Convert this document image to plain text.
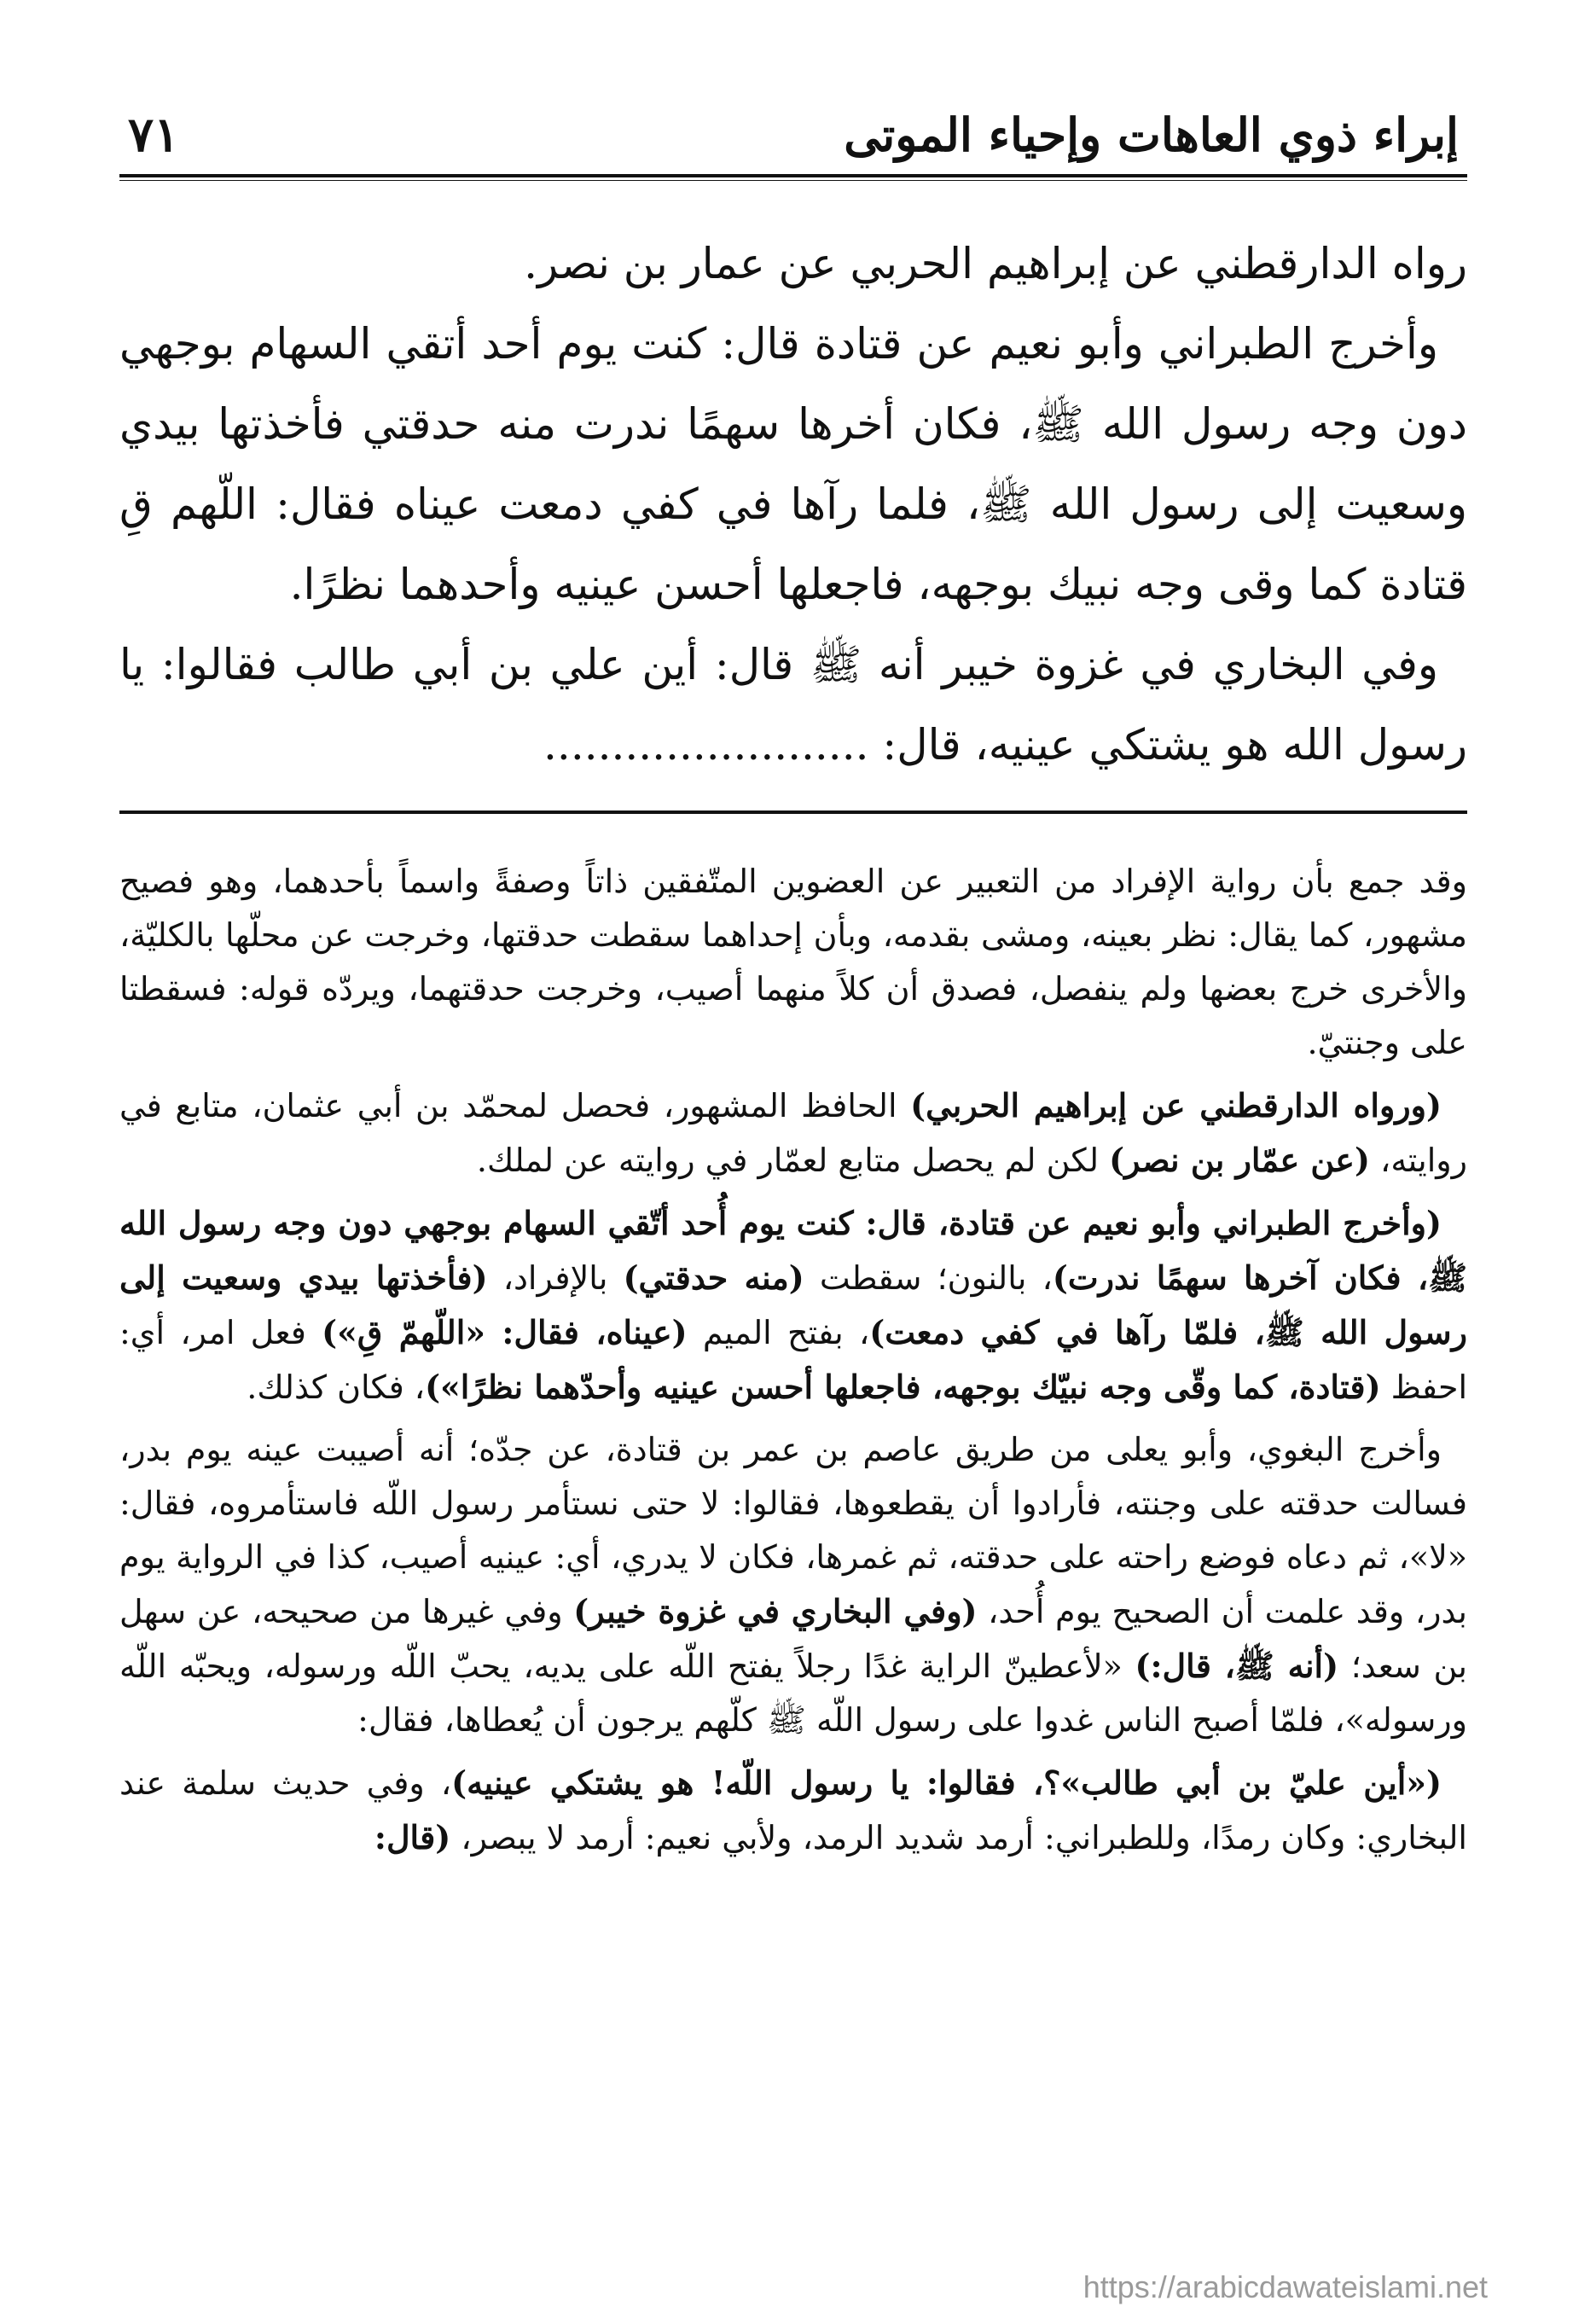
إبراء ذوي العاهات وإحياء الموتى
٧١

رواه الدارقطني عن إبراهيم الحربي عن عمار بن نصر.

وأخرج الطبراني وأبو نعيم عن قتادة قال: كنت يوم أحد أتقي السهام بوجهي دون وجه رسول الله ﷺ، فكان أخرها سهمًا ندرت منه حدقتي فأخذتها بيدي وسعيت إلى رسول الله ﷺ، فلما رآها في كفي دمعت عيناه فقال: اللّهم قِ قتادة كما وقى وجه نبيك بوجهه، فاجعلها أحسن عينيه وأحدهما نظرًا.

وفي البخاري في غزوة خيبر أنه ﷺ قال: أين علي بن أبي طالب فقالوا: يا رسول الله هو يشتكي عينيه، قال: ........................

وقد جمع بأن رواية الإفراد من التعبير عن العضوين المتّفقين ذاتاً وصفةً واسماً بأحدهما، وهو فصيح مشهور، كما يقال: نظر بعينه، ومشى بقدمه، وبأن إحداهما سقطت حدقتها، وخرجت عن محلّها بالكليّة، والأخرى خرج بعضها ولم ينفصل، فصدق أن كلاً منهما أصيب، وخرجت حدقتهما، ويردّه قوله: فسقطتا على وجنتيّ.

(ورواه الدارقطني عن إبراهيم الحربي) الحافظ المشهور، فحصل لمحمّد بن أبي عثمان، متابع في روايته، (عن عمّار بن نصر) لكن لم يحصل متابع لعمّار في روايته عن لملك.

(وأخرج الطبراني وأبو نعيم عن قتادة، قال: كنت يوم أُحد أتّقي السهام بوجهي دون وجه رسول الله ﷺ، فكان آخرها سهمًا ندرت)، بالنون؛ سقطت (منه حدقتي) بالإفراد، (فأخذتها بيدي وسعيت إلى رسول الله ﷺ، فلمّا رآها في كفي دمعت)، بفتح الميم (عيناه، فقال: «اللّهمّ قِ») فعل امر، أي: احفظ (قتادة، كما وقّى وجه نبيّك بوجهه، فاجعلها أحسن عينيه وأحدّهما نظرًا»)، فكان كذلك.

وأخرج البغوي، وأبو يعلى من طريق عاصم بن عمر بن قتادة، عن جدّه؛ أنه أصيبت عينه يوم بدر، فسالت حدقته على وجنته، فأرادوا أن يقطعوها، فقالوا: لا حتى نستأمر رسول اللّه فاستأمروه، فقال: «لا»، ثم دعاه فوضع راحته على حدقته، ثم غمرها، فكان لا يدري، أي: عينيه أصيب، كذا في الرواية يوم بدر، وقد علمت أن الصحيح يوم أُحد، (وفي البخاري في غزوة خيبر) وفي غيرها من صحيحه، عن سهل بن سعد؛ (أنه ﷺ، قال:) «لأعطينّ الراية غدًا رجلاً يفتح اللّه على يديه، يحبّ اللّه ورسوله، ويحبّه اللّه ورسوله»، فلمّا أصبح الناس غدوا على رسول اللّه ﷺ كلّهم يرجون أن يُعطاها، فقال:

(«أين عليّ بن أبي طالب»؟، فقالوا: يا رسول اللّه! هو يشتكي عينيه)، وفي حديث سلمة عند البخاري: وكان رمدًا، وللطبراني: أرمد شديد الرمد، ولأبي نعيم: أرمد لا يبصر، (قال:

https://arabicdawateislami.net
